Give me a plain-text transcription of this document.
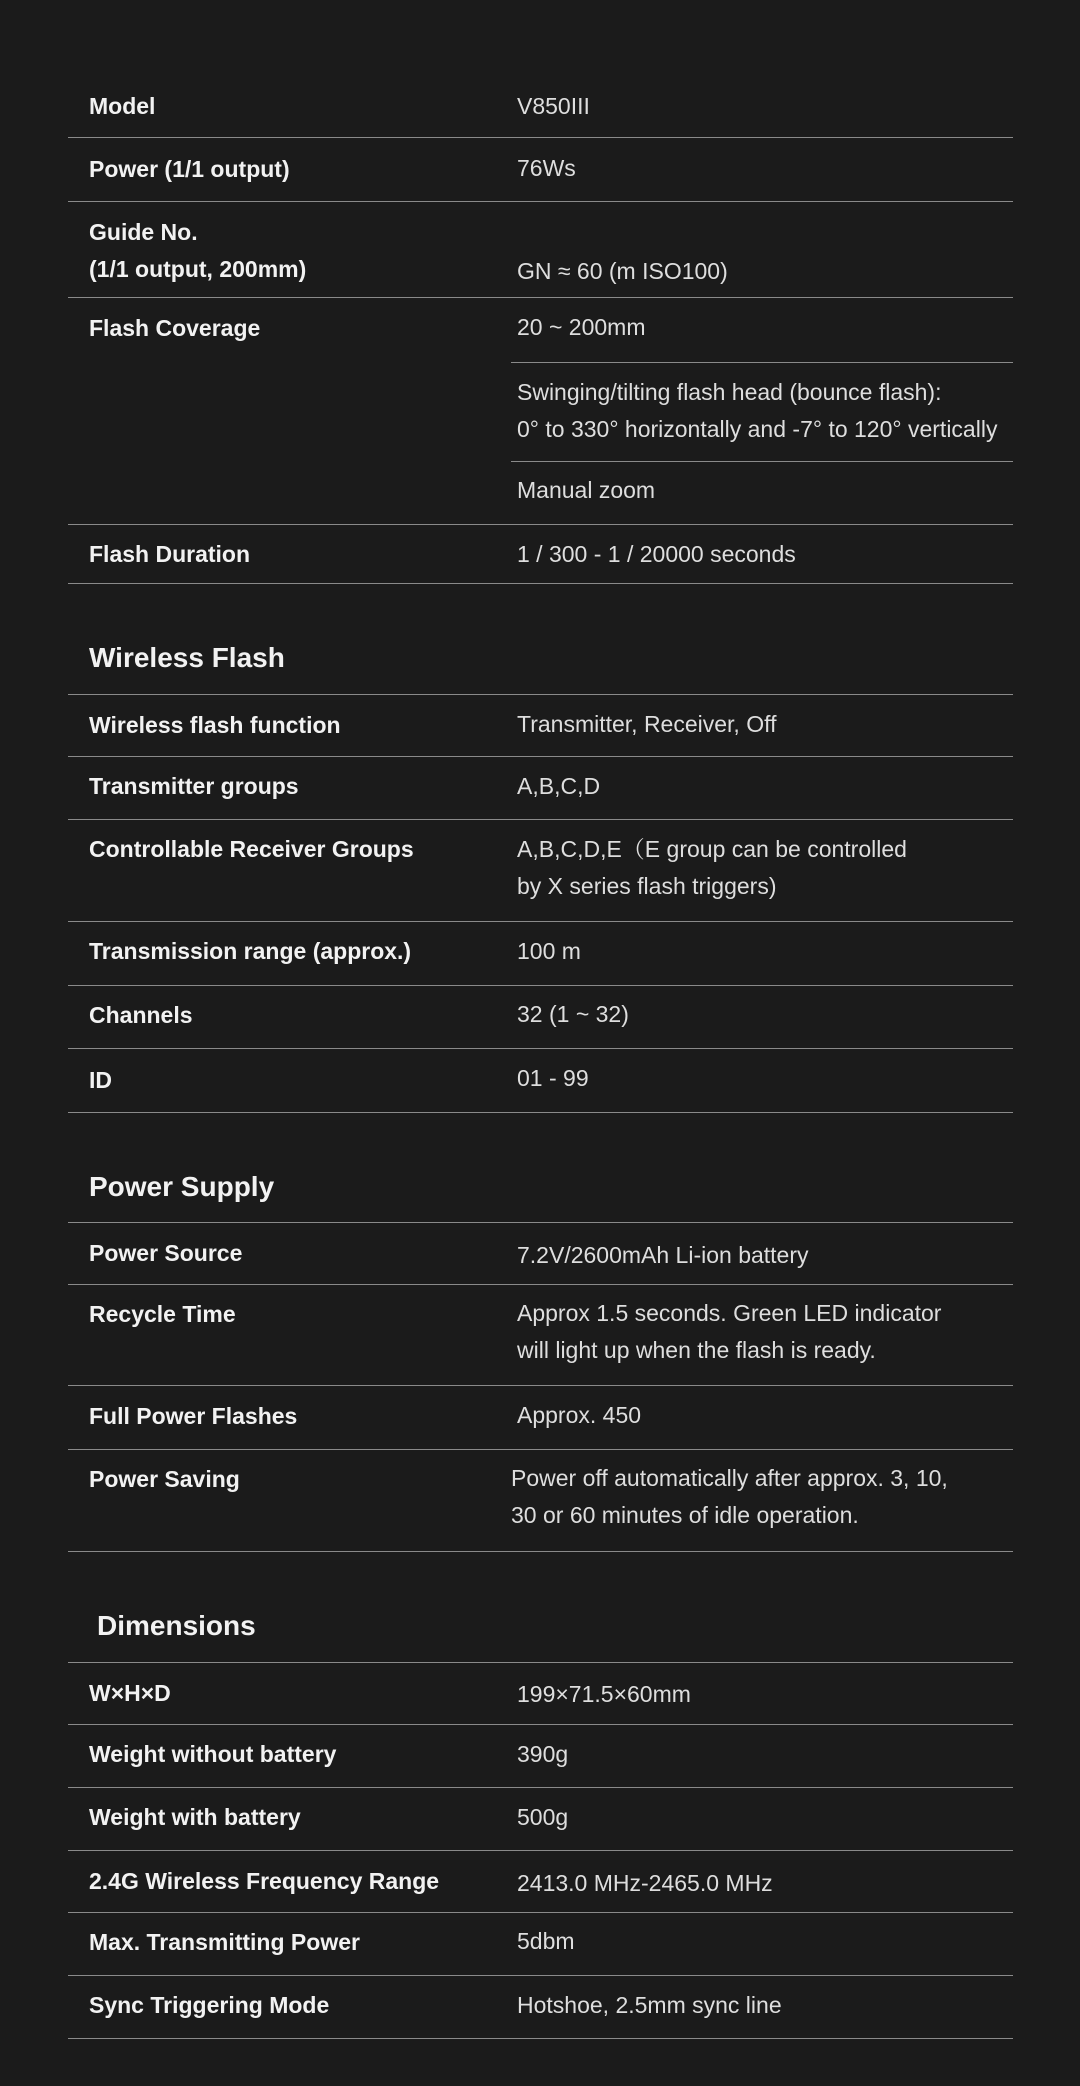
Model	V850III
Power (1/1 output)	76Ws
Guide No.
(1/1 output, 200mm)	GN ≈ 60 (m ISO100)
Flash Coverage	20 ~ 200mm
Swinging/tilting flash head (bounce flash):
0° to 330° horizontally and -7° to 120° vertically
Manual zoom
Flash Duration	1 / 300 - 1 / 20000 seconds
Wireless Flash
Wireless flash function	Transmitter, Receiver, Off
Transmitter groups	A,B,C,D
Controllable Receiver Groups	A,B,C,D,E（E group can be controlled
by X series flash triggers)
Transmission range (approx.)	100 m
Channels	32 (1 ~ 32)
ID	01 - 99
Power Supply
Power Source	7.2V/2600mAh Li-ion battery
Recycle Time	Approx 1.5 seconds. Green LED indicator
will light up when the flash is ready.
Full Power Flashes	Approx. 450
Power Saving	Power off automatically after approx. 3, 10,
30 or 60 minutes of idle operation.
Dimensions
W×H×D	199×71.5×60mm
Weight without battery	390g
Weight with battery	500g
2.4G Wireless Frequency Range	2413.0 MHz-2465.0 MHz
Max. Transmitting Power	5dbm
Sync Triggering Mode	Hotshoe, 2.5mm sync line
